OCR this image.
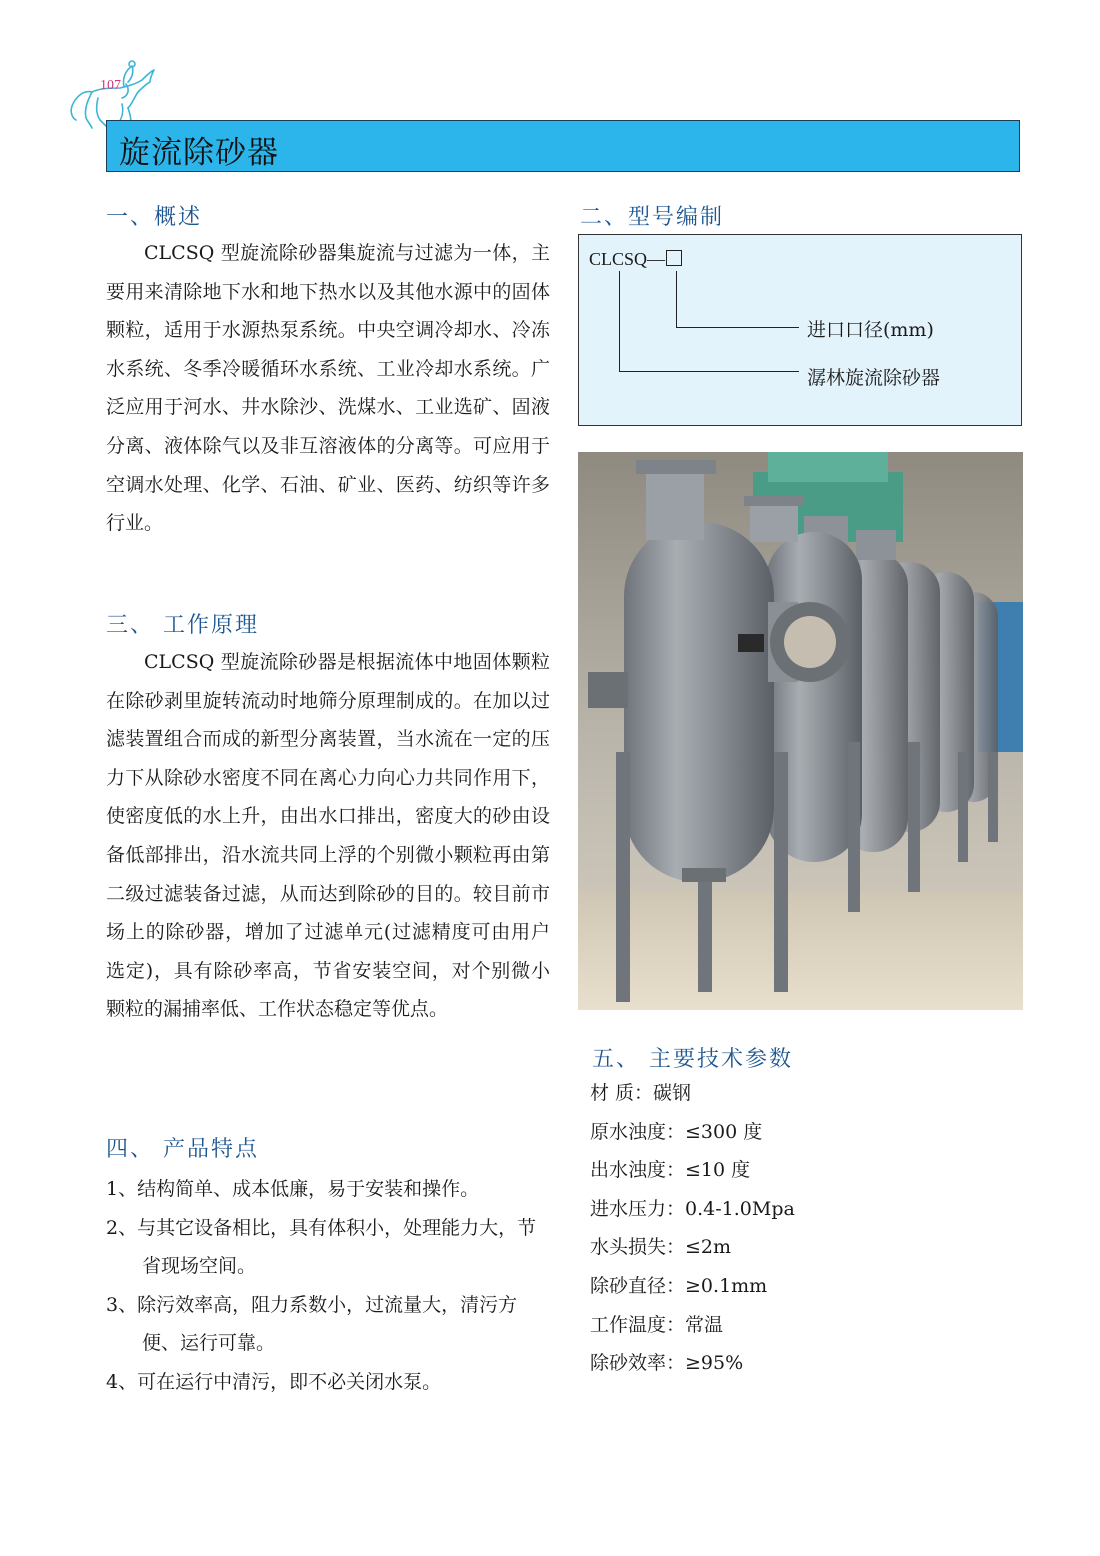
107
旋流除砂器
一、概述

CLCSQ 型旋流除砂器集旋流与过滤为一体，主要用来清除地下水和地下热水以及其他水源中的固体颗粒，适用于水源热泵系统。中央空调冷却水、冷冻水系统、冬季冷暖循环水系统、工业冷却水系统。广泛应用于河水、井水除沙、洗煤水、工业选矿、固液分离、液体除气以及非互溶液体的分离等。可应用于空调水处理、化学、石油、矿业、医药、纺织等许多行业。

三、 工作原理

CLCSQ 型旋流除砂器是根据流体中地固体颗粒在除砂剥里旋转流动时地筛分原理制成的。在加以过滤装置组合而成的新型分离装置，当水流在一定的压力下从除砂水密度不同在离心力向心力共同作用下，使密度低的水上升，由出水口排出，密度大的砂由设备低部排出，沿水流共同上浮的个别微小颗粒再由第二级过滤装备过滤，从而达到除砂的目的。较目前市场上的除砂器，增加了过滤单元(过滤精度可由用户选定)，具有除砂率高，节省安装空间，对个别微小颗粒的漏捕率低、工作状态稳定等优点。

四、 产品特点
1、结构简单、成本低廉，易于安装和操作。
2、与其它设备相比，具有体积小，处理能力大，节省现场空间。
3、除污效率高，阻力系数小，过流量大，清污方便、运行可靠。
4、可在运行中清污，即不必关闭水泵。
二、型号编制
CLCSQ—
进口口径(mm)
潺林旋流除砂器
五、 主要技术参数
材 质：碳钢
原水浊度：≤300 度
出水浊度：≤10 度
进水压力：0.4-1.0Mpa
水头损失：≤2m
除砂直径：≥0.1mm
工作温度：常温
除砂效率：≥95%
